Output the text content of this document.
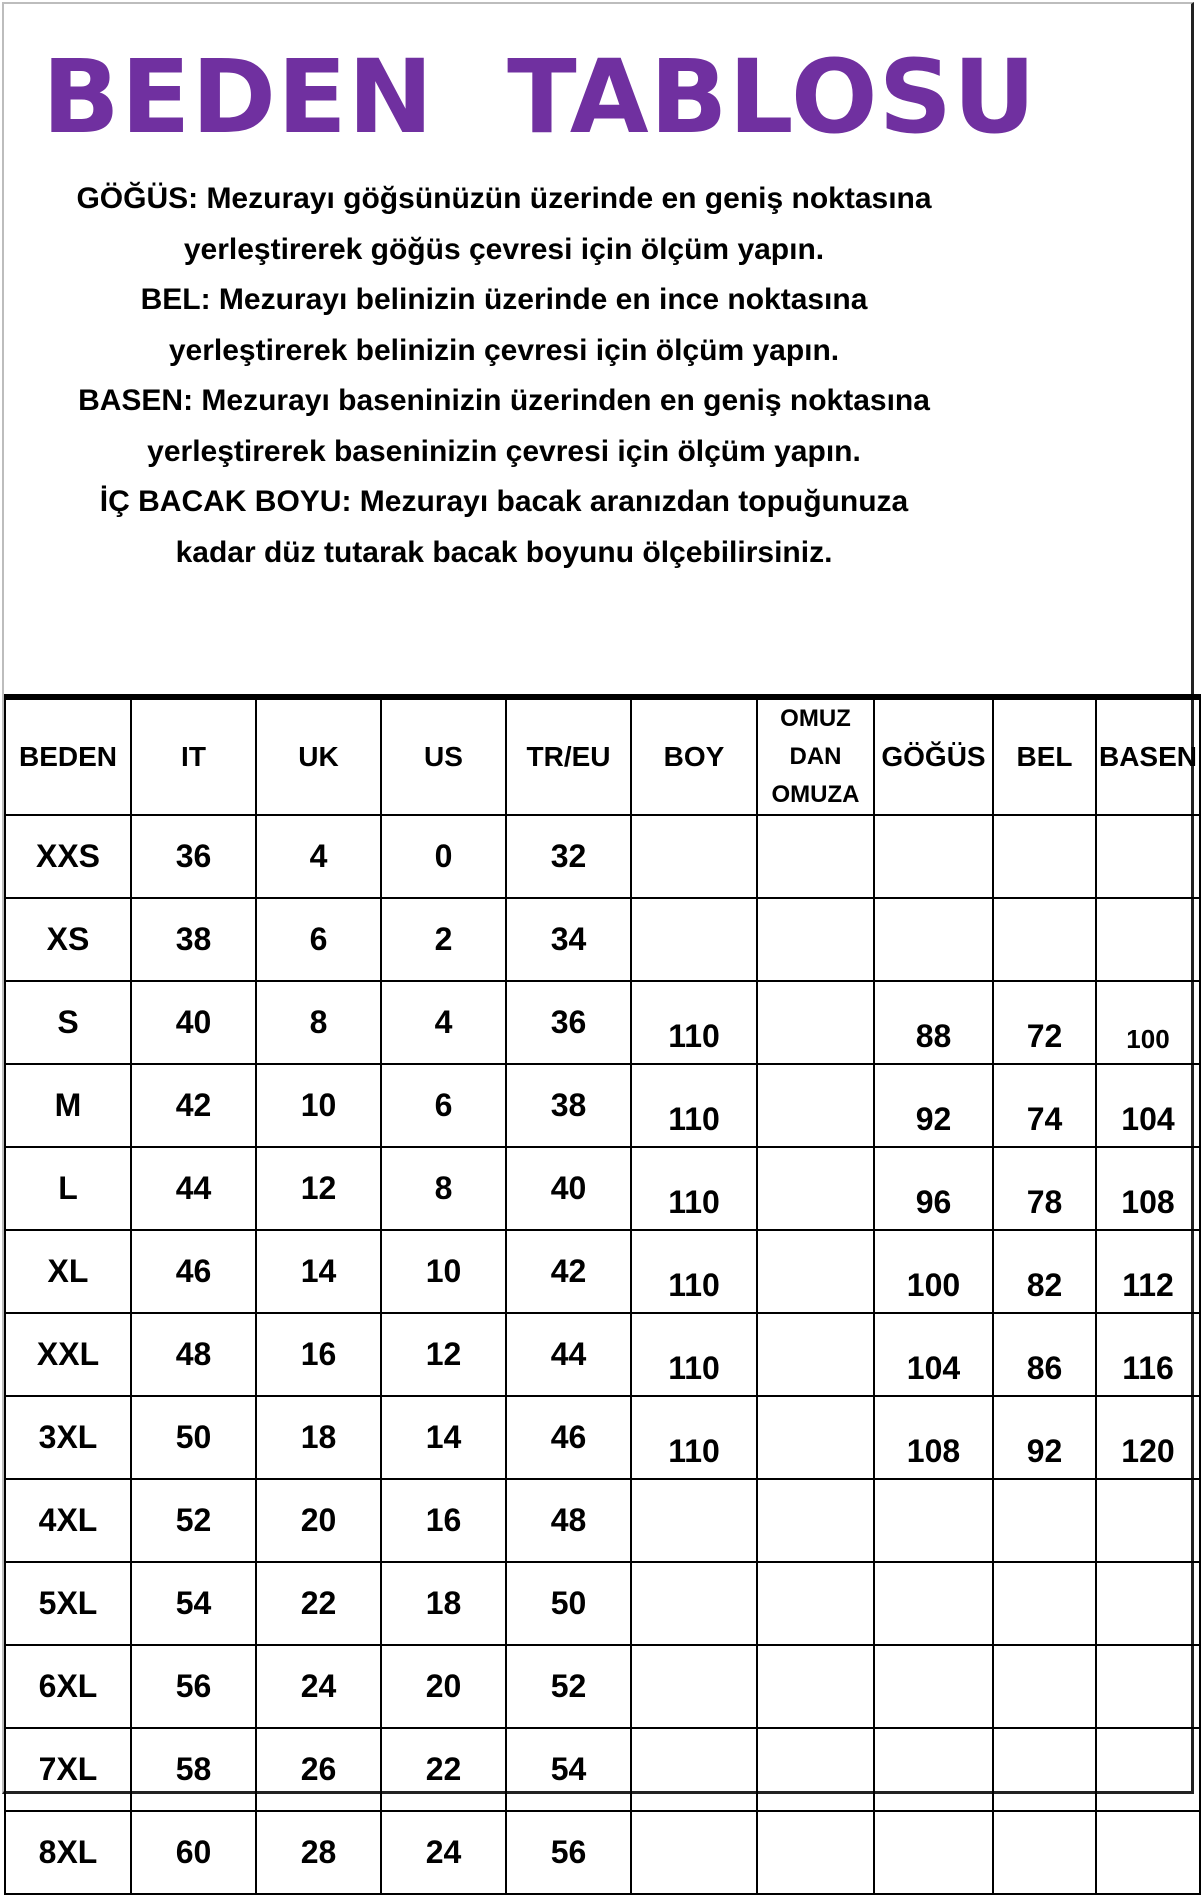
BEDEN  TABLOSU
GÖĞÜS: Mezurayı göğsünüzün üzerinde en geniş noktasına
yerleştirerek göğüs çevresi için ölçüm yapın.
BEL: Mezurayı belinizin üzerinde en ince noktasına
yerleştirerek belinizin çevresi için ölçüm yapın.
BASEN: Mezurayı baseninizin üzerinden en geniş noktasına
yerleştirerek baseninizin çevresi için ölçüm yapın.
İÇ BACAK BOYU: Mezurayı bacak aranızdan topuğunuza
kadar düz tutarak bacak boyunu ölçebilirsiniz.
BEDEN	IT	UK	US	TR/EU	BOY	OMUZ DAN OMUZA	GÖĞÜS	BEL	BASEN
XXS	36	4	0	32					
XS	38	6	2	34					
S	40	8	4	36	110		88	72	100
M	42	10	6	38	110		92	74	104
L	44	12	8	40	110		96	78	108
XL	46	14	10	42	110		100	82	112
XXL	48	16	12	44	110		104	86	116
3XL	50	18	14	46	110		108	92	120
4XL	52	20	16	48					
5XL	54	22	18	50					
6XL	56	24	20	52					
7XL	58	26	22	54					
8XL	60	28	24	56					
